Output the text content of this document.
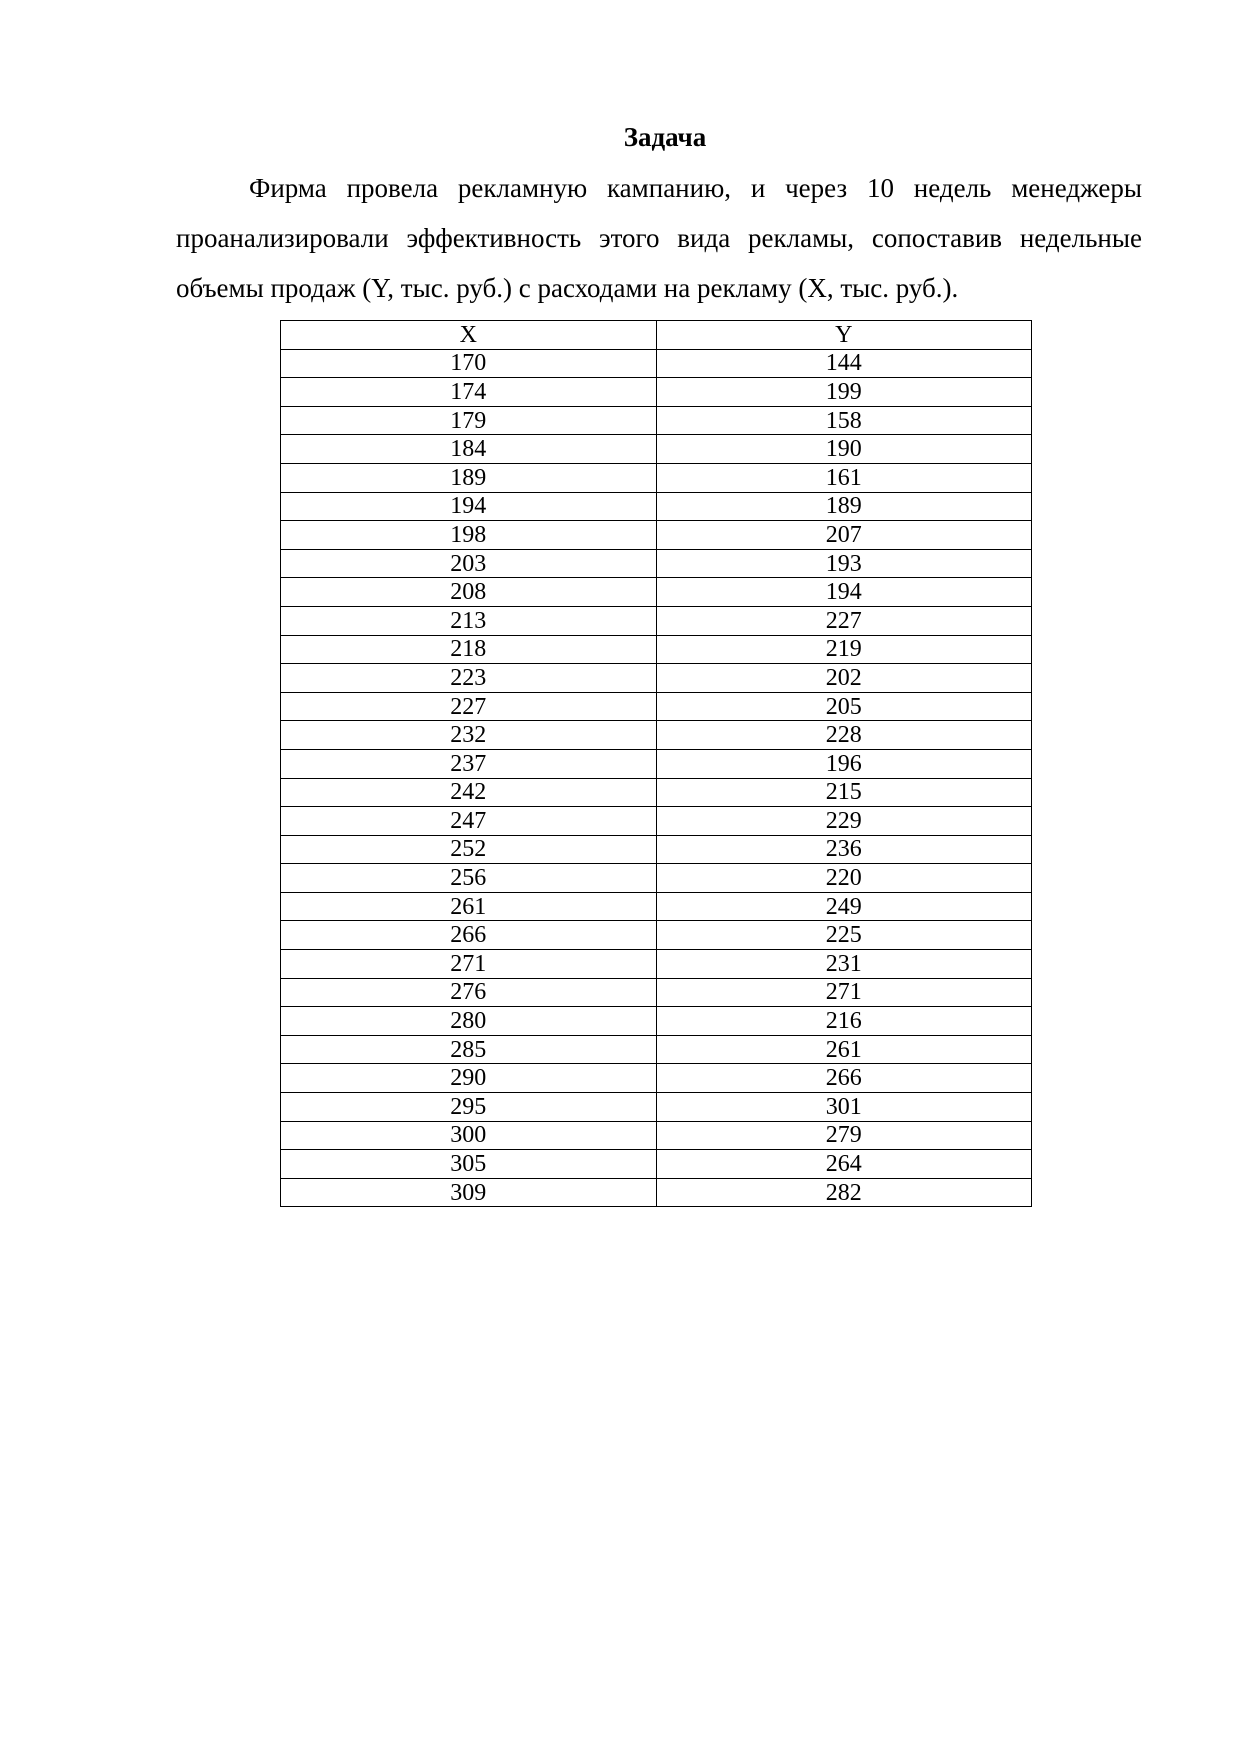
Задача

Фирма провела рекламную кампанию, и через 10 недель менеджеры проанализировали эффективность этого вида рекламы, сопоставив недельные объемы продаж (Y, тыс. руб.) с расходами на рекламу (X, тыс. руб.).

X	Y
170	144
174	199
179	158
184	190
189	161
194	189
198	207
203	193
208	194
213	227
218	219
223	202
227	205
232	228
237	196
242	215
247	229
252	236
256	220
261	249
266	225
271	231
276	271
280	216
285	261
290	266
295	301
300	279
305	264
309	282
